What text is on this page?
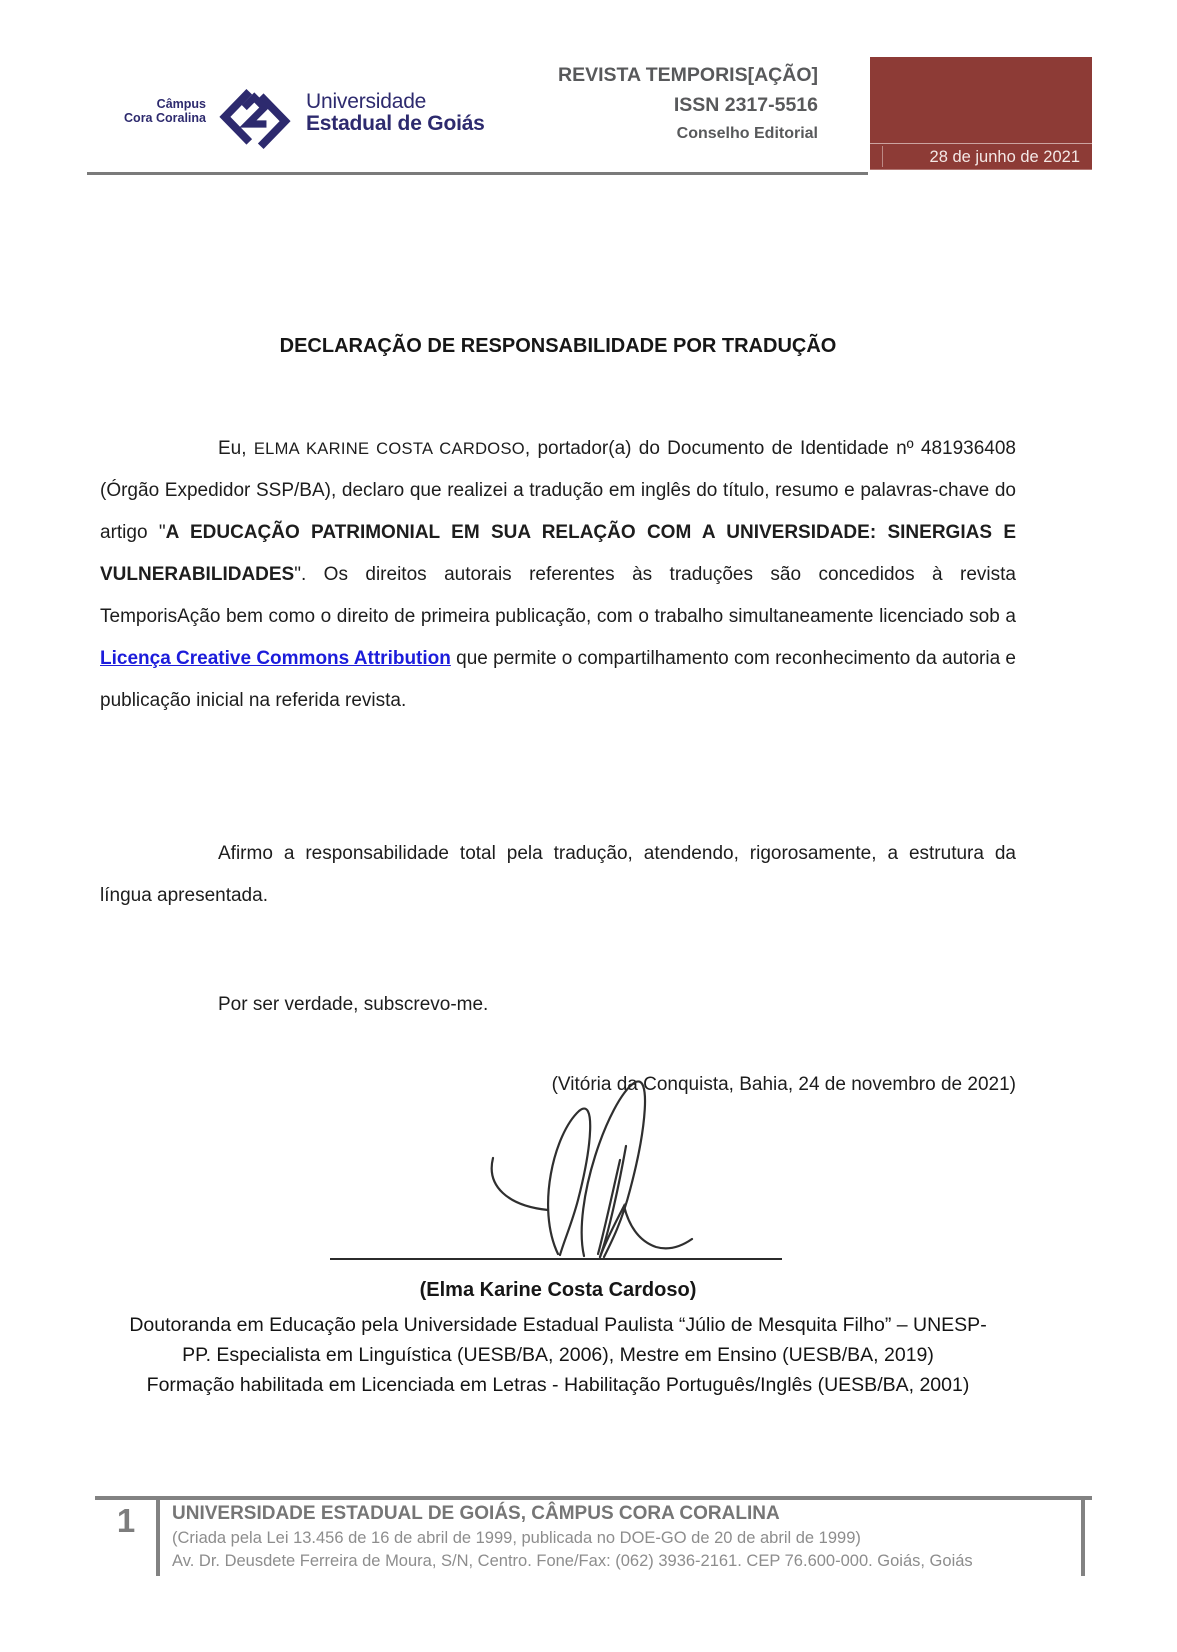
Câmpus
Cora Coralina
Universidade
Estadual de Goiás
REVISTA TEMPORIS[AÇÃO]
ISSN 2317-5516
Conselho Editorial
28 de junho de 2021
DECLARAÇÃO DE RESPONSABILIDADE POR TRADUÇÃO

Eu, ELMA KARINE COSTA CARDOSO, portador(a) do Documento de Identidade nº 481936408 (Órgão Expedidor SSP/BA), declaro que realizei a tradução em inglês do título, resumo e palavras-chave do artigo "A EDUCAÇÃO PATRIMONIAL EM SUA RELAÇÃO COM A UNIVERSIDADE: SINERGIAS E VULNERABILIDADES". Os direitos autorais referentes às traduções são concedidos à revista TemporisAção bem como o direito de primeira publicação, com o trabalho simultaneamente licenciado sob a Licença Creative Commons Attribution que permite o compartilhamento com reconhecimento da autoria e publicação inicial na referida revista.

Afirmo a responsabilidade total pela tradução, atendendo, rigorosamente, a estrutura da língua apresentada.

Por ser verdade, subscrevo-me.

(Vitória da Conquista, Bahia, 24 de novembro de 2021)
(Elma Karine Costa Cardoso)
Doutoranda em Educação pela Universidade Estadual Paulista “Júlio de Mesquita Filho” – UNESP-
PP. Especialista em Linguística (UESB/BA, 2006), Mestre em Ensino (UESB/BA, 2019)
Formação habilitada em Licenciada em Letras - Habilitação Português/Inglês (UESB/BA, 2001)
1	UNIVERSIDADE ESTADUAL DE GOIÁS, CÂMPUS CORA CORALINA
(Criada pela Lei 13.456 de 16 de abril de 1999, publicada no DOE-GO de 20 de abril de 1999)
Av. Dr. Deusdete Ferreira de Moura, S/N, Centro. Fone/Fax: (062) 3936-2161. CEP 76.600-000. Goiás, Goiás
